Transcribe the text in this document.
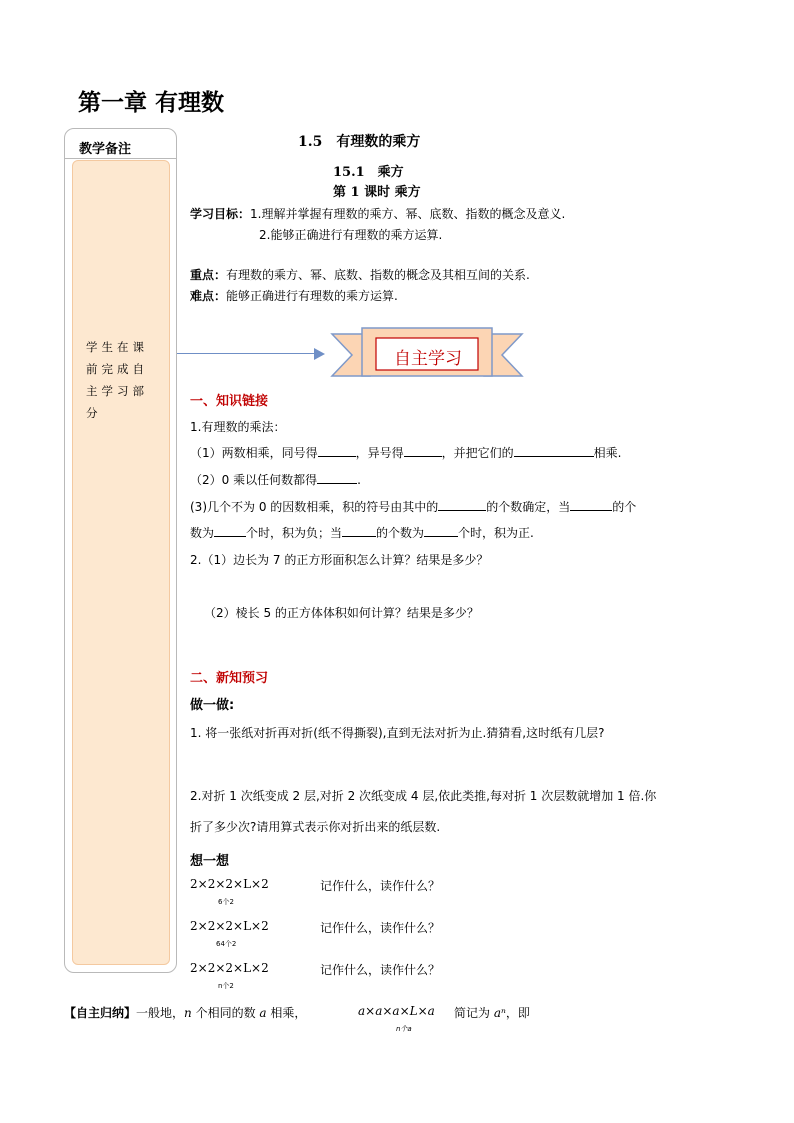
第一章 有理数
教学备注
学生在课前完成自主学习部分
1.5　有理数的乘方
15.1　乘方
第 1 课时 乘方
学习目标：1.理解并掌握有理数的乘方、幂、底数、指数的概念及意义.
2.能够正确进行有理数的乘方运算.
重点：有理数的乘方、幂、底数、指数的概念及其相互间的关系.
难点：能够正确进行有理数的乘方运算.
自主学习
一、知识链接
1.有理数的乘法：
（1）两数相乘，同号得	，异号得	，并把它们的	相乘.
（2）0 乘以任何数都得	.
(3)几个不为 0 的因数相乘，积的符号由其中的	的个数确定，当	的个
数为	个时，积为负；当	的个数为	个时，积为正.
2.（1）边长为 7 的正方形面积怎么计算？结果是多少？
（2）棱长 5 的正方体体积如何计算？结果是多少？
二、新知预习
做一做:
1. 将一张纸对折再对折(纸不得撕裂),直到无法对折为止.猜猜看,这时纸有几层?
2.对折 1 次纸变成 2 层,对折 2 次纸变成 4 层,依此类推,每对折 1 次层数就增加 1 倍.你
折了多少次?请用算式表示你对折出来的纸层数.
想一想
2×2×2×L×2
6个2
记作什么，读作什么？
2×2×2×L×2
64个2
记作什么，读作什么？
2×2×2×L×2
n个2
记作什么，读作什么？
【自主归纳】一般地，n 个相同的数 a 相乘，	a×a×a×L×a
n个a
简记为 aⁿ，即
